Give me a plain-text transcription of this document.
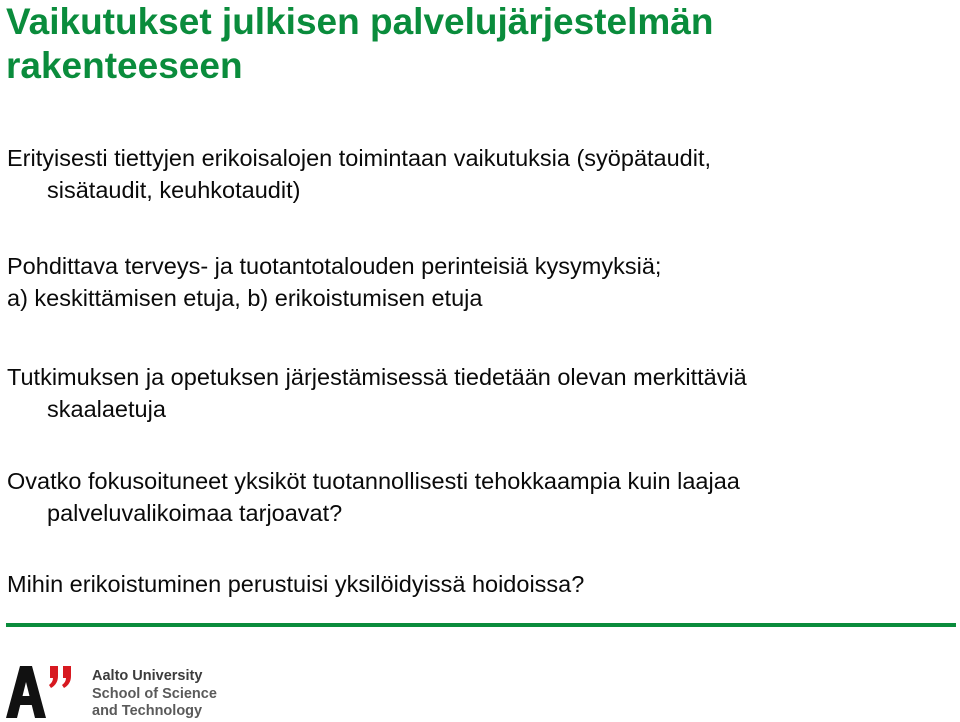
Vaikutukset julkisen palvelujärjestelmän
rakenteeseen

Erityisesti tiettyjen erikoisalojen toimintaan vaikutuksia (syöpätaudit,
sisätaudit, keuhkotaudit)

Pohdittava terveys- ja tuotantotalouden perinteisiä kysymyksiä;
a) keskittämisen etuja, b) erikoistumisen etuja

Tutkimuksen ja opetuksen järjestämisessä tiedetään olevan merkittäviä
skaalaetuja

Ovatko fokusoituneet yksiköt tuotannollisesti tehokkaampia kuin laajaa
palveluvalikoimaa tarjoavat?

Mihin erikoistuminen perustuisi yksilöidyissä hoidoissa?

Aalto University
School of Science
and Technology
